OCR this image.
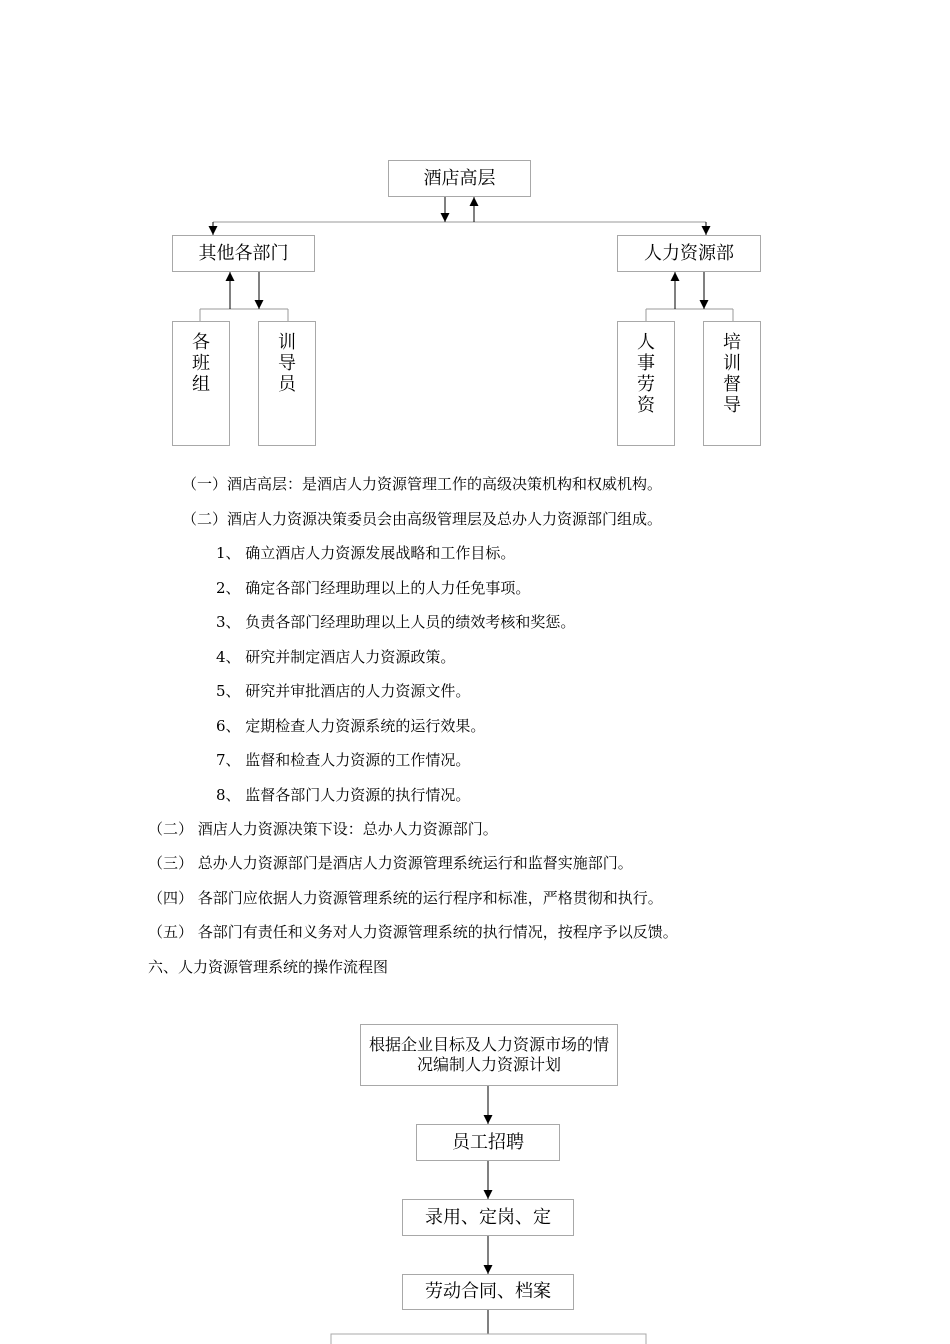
酒店高层
其他各部门	人力资源部
各
班
组
训
导
员
人
事
劳
资
培
训
督
导
（一）酒店高层：是酒店人力资源管理工作的高级决策机构和权威机构。
（二）酒店人力资源决策委员会由高级管理层及总办人力资源部门组成。
1、 确立酒店人力资源发展战略和工作目标。
2、 确定各部门经理助理以上的人力任免事项。
3、 负责各部门经理助理以上人员的绩效考核和奖惩。
4、 研究并制定酒店人力资源政策。
5、 研究并审批酒店的人力资源文件。
6、 定期检查人力资源系统的运行效果。
7、 监督和检查人力资源的工作情况。
8、 监督各部门人力资源的执行情况。
（二） 酒店人力资源决策下设：总办人力资源部门。
（三） 总办人力资源部门是酒店人力资源管理系统运行和监督实施部门。
（四） 各部门应依据人力资源管理系统的运行程序和标准，严格贯彻和执行。
（五） 各部门有责任和义务对人力资源管理系统的执行情况，按程序予以反馈。
六、人力资源管理系统的操作流程图
根据企业目标及人力资源市场的情况编制人力资源计划
员工招聘
录用、定岗、定
劳动合同、档案
